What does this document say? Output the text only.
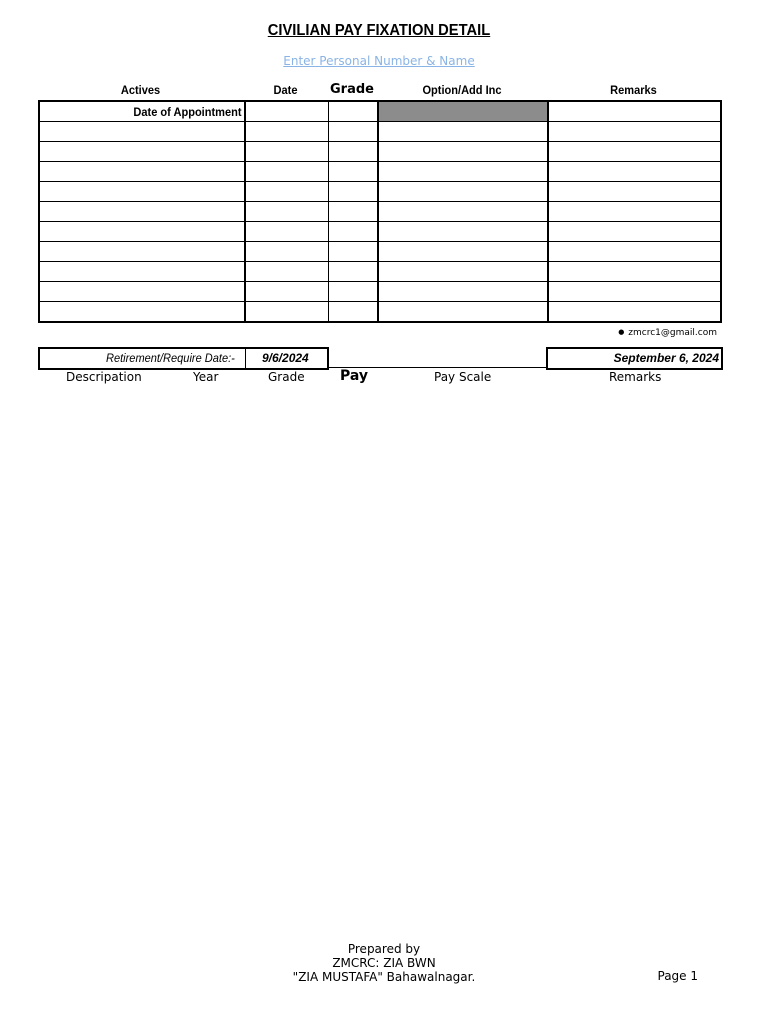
CIVILIAN PAY FIXATION DETAIL
Enter Personal Number & Name
Actives	Date	Grade	Option/Add Inc	Remarks
Date of Appointment				

● zmcrc1@gmail.com
Retirement/Require Date:- 9/6/2024	September 6, 2024
Descripation	Year	Grade	Pay	Pay Scale	Remarks
Prepared by
ZMCRC: ZIA BWN
"ZIA MUSTAFA" Bahawalnagar.	Page 1
